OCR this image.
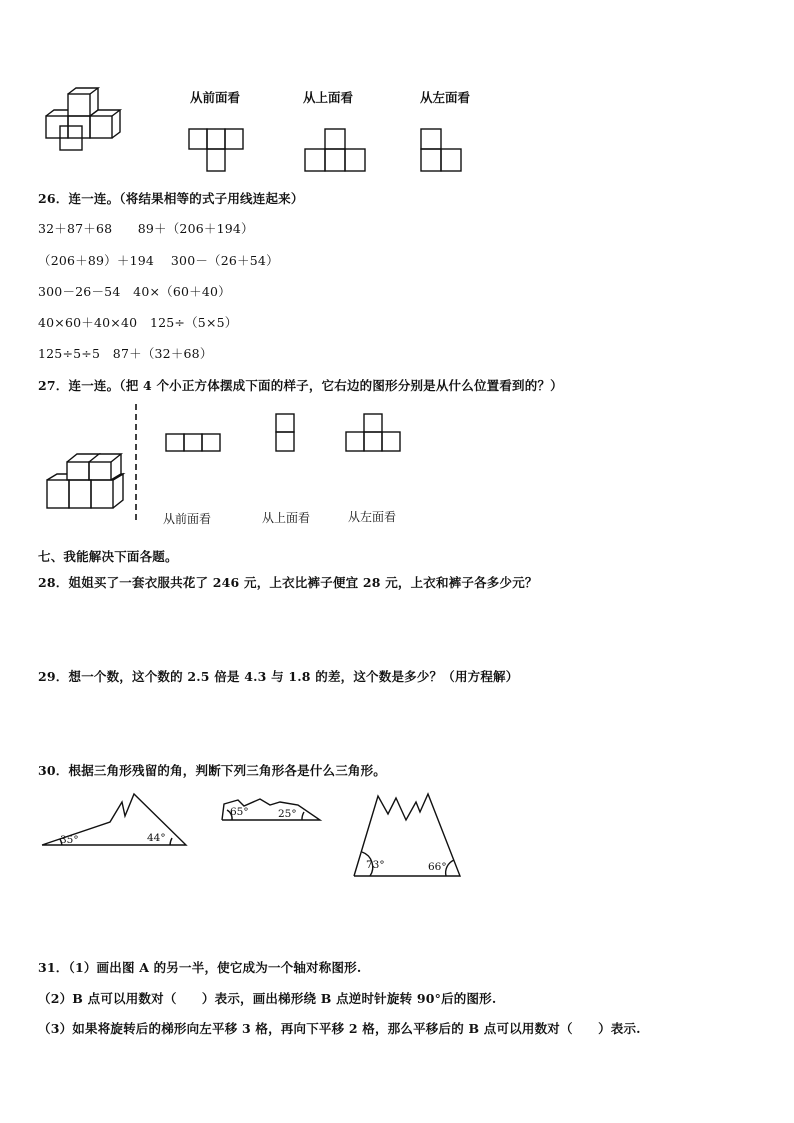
从前面看	从上面看	从左面看
26．连一连。（将结果相等的式子用线连起来）
32＋87＋68　　89＋（206＋194）
（206＋89）＋194　 300－（26＋54）
300－26－54　40×（60＋40）
40×60＋40×40　125÷（5×5）
125÷5÷5　87＋（32＋68）
27．连一连。（把 4 个小正方体摆成下面的样子，它右边的图形分别是从什么位置看到的？）
从前面看	从上面看	从左面看
七、我能解决下面各题。
28．姐姐买了一套衣服共花了 246 元，上衣比裤子便宜 28 元，上衣和裤子各多少元？
29．想一个数，这个数的 2.5 倍是 4.3 与 1.8 的差，这个数是多少？（用方程解）
30．根据三角形残留的角，判断下列三角形各是什么三角形。
35°	44°
65°	25°
73°	66°
31．（1）画出图 A 的另一半，使它成为一个轴对称图形.
（2）B 点可以用数对（　　）表示，画出梯形绕 B 点逆时针旋转 90°后的图形.
（3）如果将旋转后的梯形向左平移 3 格，再向下平移 2 格，那么平移后的 B 点可以用数对（　　）表示.
